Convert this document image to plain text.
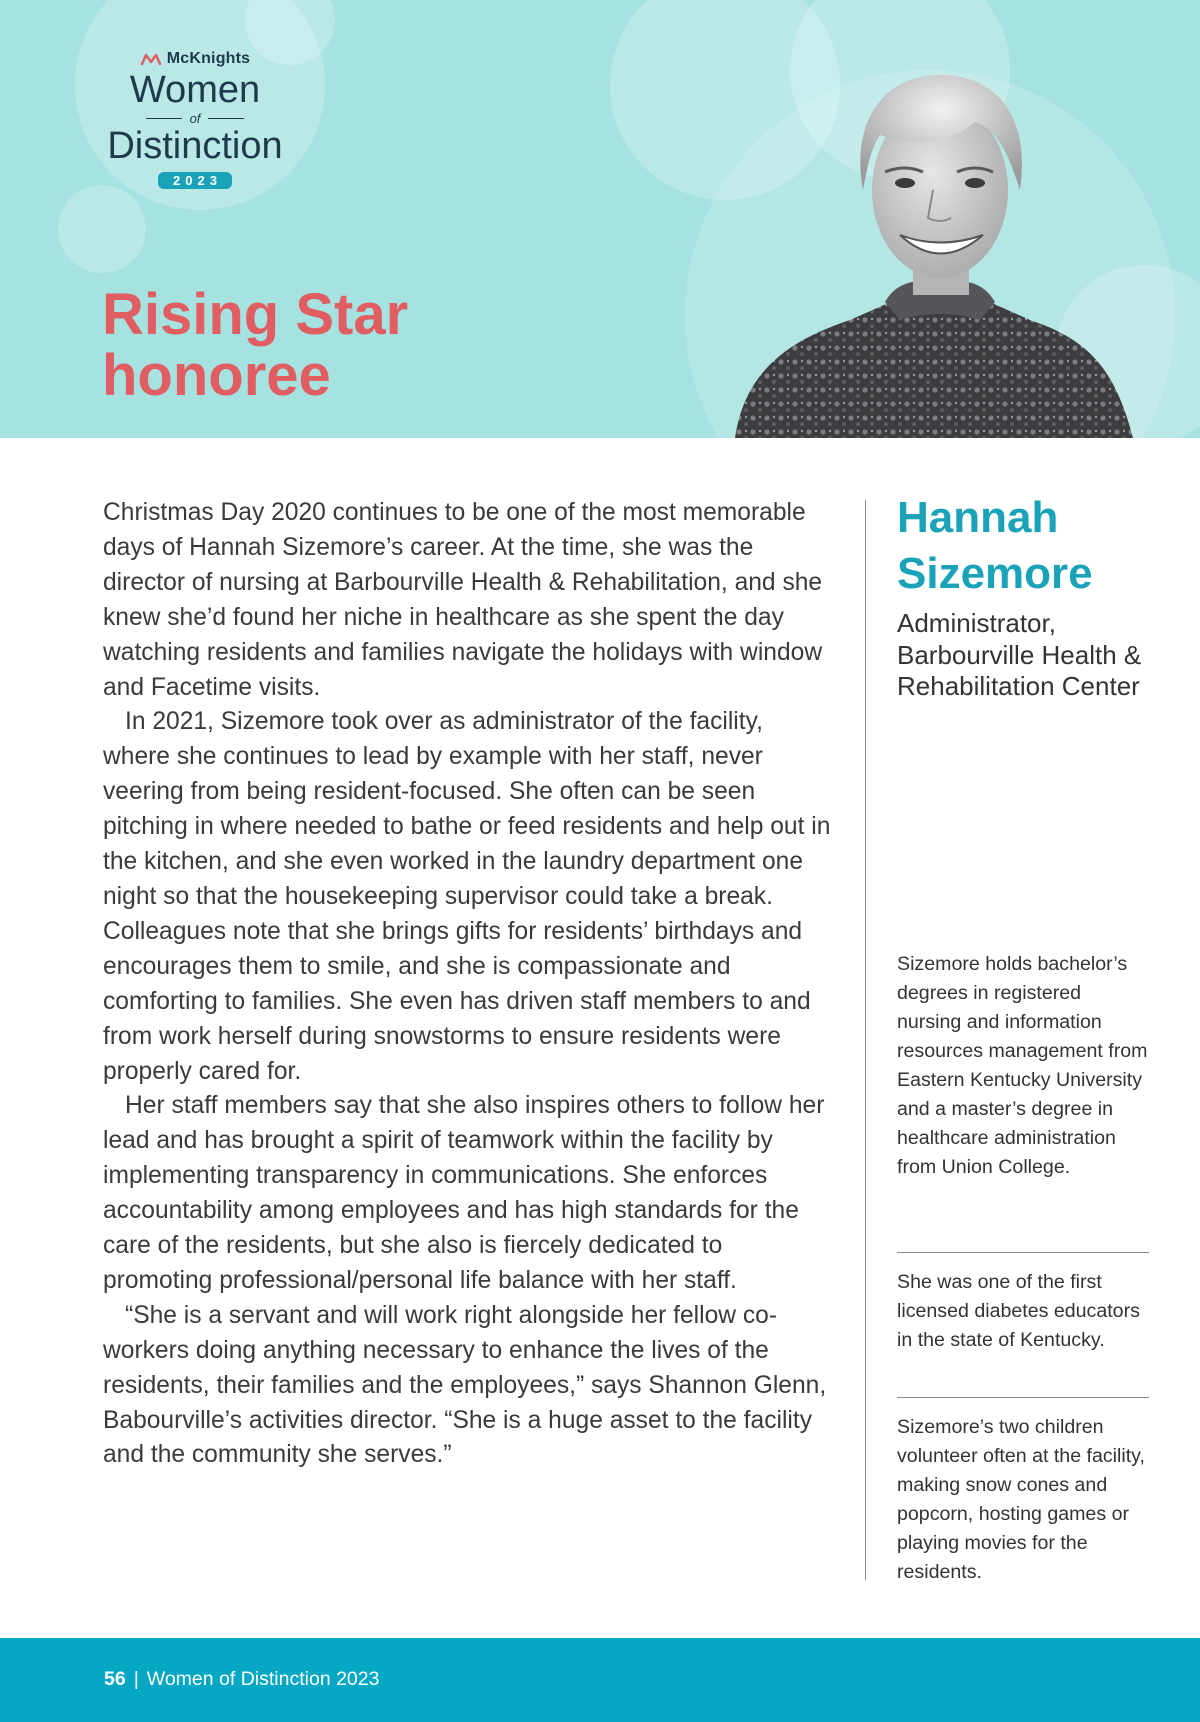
McKnights
Women
of
Distinction
2023
Rising Star
honoree

Christmas Day 2020 continues to be one of the most memorable days of Hannah Sizemore’s career. At the time, she was the director of nursing at Barbourville Health & Rehabilitation, and she knew she’d found her niche in healthcare as she spent the day watching residents and families navigate the holidays with window and Facetime visits.

In 2021, Sizemore took over as administrator of the facility, where she continues to lead by example with her staff, never veering from being resident-focused. She often can be seen pitching in where needed to bathe or feed residents and help out in the kitchen, and she even worked in the laundry department one night so that the housekeeping supervisor could take a break. Colleagues note that she brings gifts for residents’ birthdays and encourages them to smile, and she is compassionate and comforting to families. She even has driven staff members to and from work herself during snowstorms to ensure residents were properly cared for.

Her staff members say that she also inspires others to follow her lead and has brought a spirit of teamwork within the facility by implementing transparency in communications. She enforces accountability among employees and has high standards for the care of the residents, but she also is fiercely dedicated to promoting professional/personal life balance with her staff.

“She is a servant and will work right alongside her fellow co-workers doing anything necessary to enhance the lives of the residents, their families and the employees,” says Shannon Glenn, Babourville’s activities director. “She is a huge asset to the facility and the community she serves.”

Hannah
Sizemore
Administrator, Barbourville Health & Rehabilitation Center
Sizemore holds bachelor’s degrees in registered nursing and information resources management from Eastern Kentucky University and a master’s degree in healthcare administration from Union College.
She was one of the first licensed diabetes educators in the state of Kentucky.
Sizemore’s two children volunteer often at the facility, making snow cones and popcorn, hosting games or playing movies for the residents.
56 | Women of Distinction 2023
